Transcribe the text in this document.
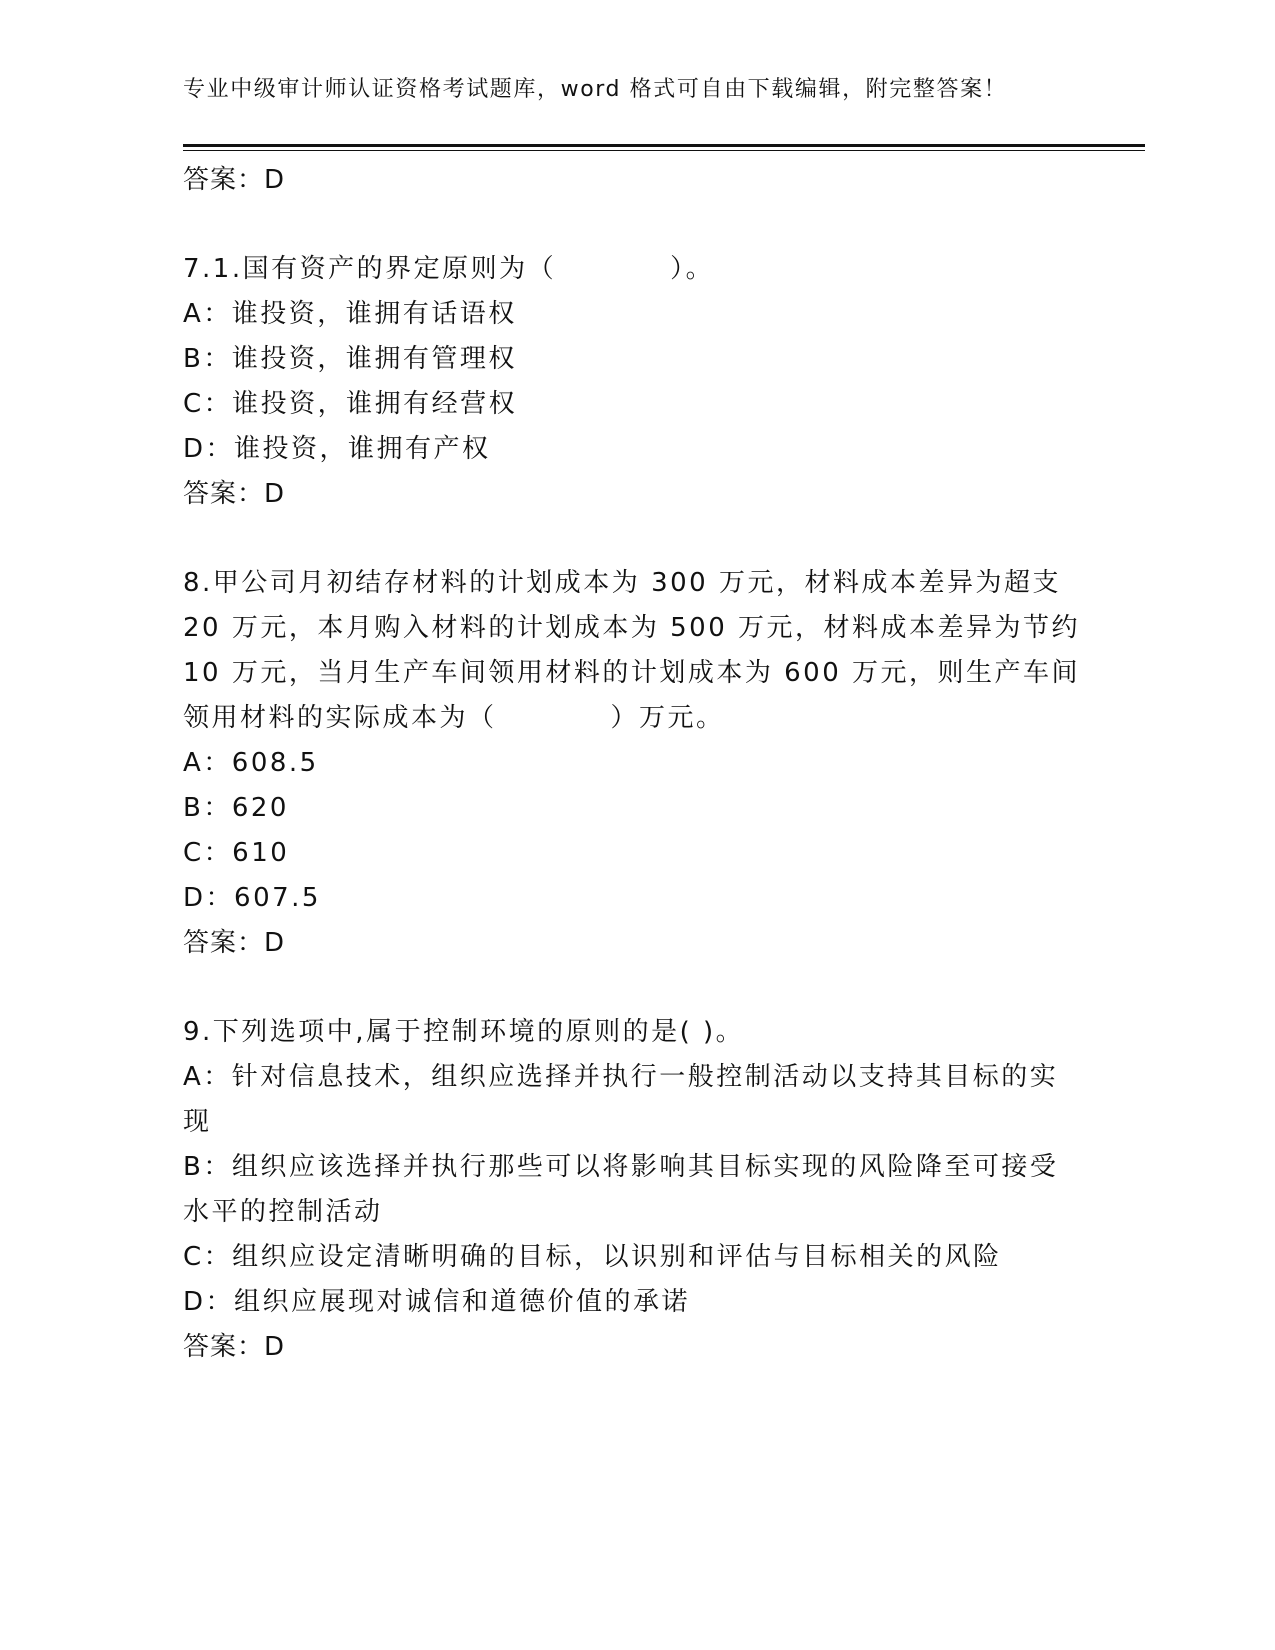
专业中级审计师认证资格考试题库，word 格式可自由下载编辑，附完整答案！
答案：D
7.1.国有资产的界定原则为（　　　　）。
A：谁投资，谁拥有话语权
B：谁投资，谁拥有管理权
C：谁投资，谁拥有经营权
D：谁投资，谁拥有产权
答案：D
8.甲公司月初结存材料的计划成本为 300 万元，材料成本差异为超支
20 万元，本月购入材料的计划成本为 500 万元，材料成本差异为节约
10 万元，当月生产车间领用材料的计划成本为 600 万元，则生产车间
领用材料的实际成本为（　　　　）万元。
A：608.5
B：620
C：610
D：607.5
答案：D
9.下列选项中,属于控制环境的原则的是( )。
A：针对信息技术，组织应选择并执行一般控制活动以支持其目标的实
现
B：组织应该选择并执行那些可以将影响其目标实现的风险降至可接受
水平的控制活动
C：组织应设定清晰明确的目标，以识别和评估与目标相关的风险
D：组织应展现对诚信和道德价值的承诺
答案：D
